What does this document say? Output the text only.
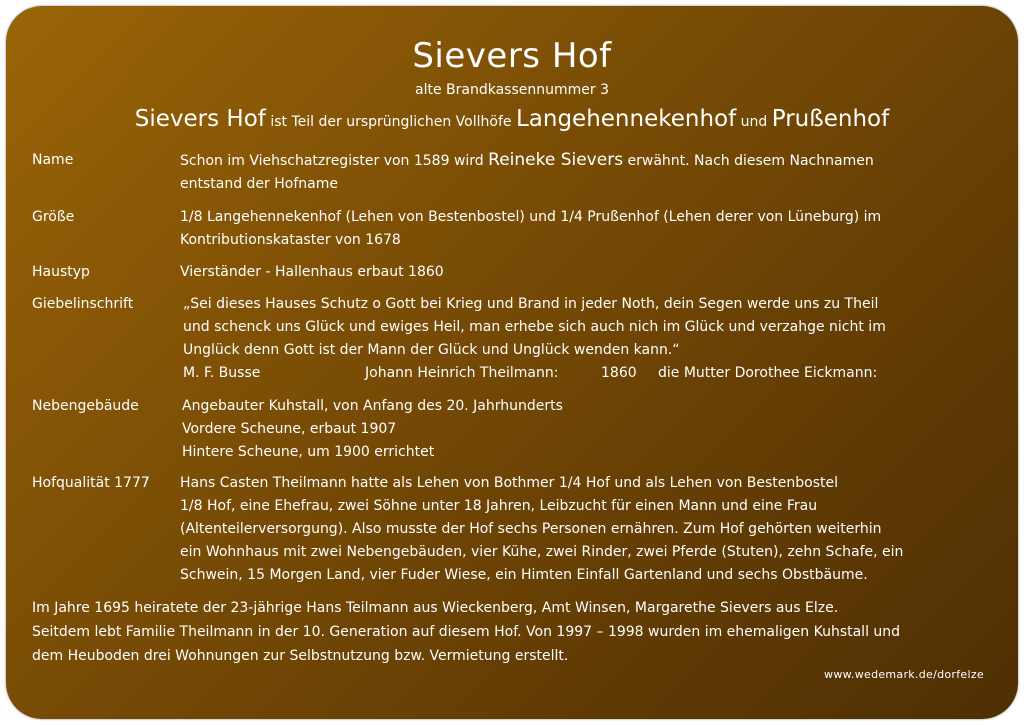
Sievers Hof
alte Brandkassennummer 3
Sievers Hof ist Teil der ursprünglichen Vollhöfe Langehennekenhof und Prußenhof
Name	Schon im Viehschatzregister von 1589 wird Reineke Sievers erwähnt. Nach diesem Nachnamen
entstand der Hofname
Größe	1/8 Langehennekenhof (Lehen von Bestenbostel) und 1/4 Prußenhof (Lehen derer von Lüneburg) im
Kontributionskataster von 1678
Haustyp	Vierständer - Hallenhaus erbaut 1860
Giebelinschrift	„Sei dieses Hauses Schutz o Gott bei Krieg und Brand in jeder Noth, dein Segen werde uns zu Theil
und schenck uns Glück und ewiges Heil, man erhebe sich auch nich im Glück und verzahge nicht im
Unglück denn Gott ist der Mann der Glück und Unglück wenden kann.“
M. F. Busse	Johann Heinrich Theilmann:	1860 die Mutter Dorothee Eickmann:
Nebengebäude	Angebauter Kuhstall, von Anfang des 20. Jahrhunderts
Vordere Scheune, erbaut 1907
Hintere Scheune, um 1900 errichtet
Hofqualität 1777 Hans Casten Theilmann hatte als Lehen von Bothmer 1/4 Hof und als Lehen von Bestenbostel
1/8 Hof, eine Ehefrau, zwei Söhne unter 18 Jahren, Leibzucht für einen Mann und eine Frau
(Altenteilerversorgung). Also musste der Hof sechs Personen ernähren. Zum Hof gehörten weiterhin
ein Wohnhaus mit zwei Nebengebäuden, vier Kühe, zwei Rinder, zwei Pferde (Stuten), zehn Schafe, ein
Schwein, 15 Morgen Land, vier Fuder Wiese, ein Himten Einfall Gartenland und sechs Obstbäume.
Im Jahre 1695 heiratete der 23-jährige Hans Teilmann aus Wieckenberg, Amt Winsen, Margarethe Sievers aus Elze.
Seitdem lebt Familie Theilmann in der 10. Generation auf diesem Hof. Von 1997 – 1998 wurden im ehemaligen Kuhstall und
dem Heuboden drei Wohnungen zur Selbstnutzung bzw. Vermietung erstellt.
www.wedemark.de/dorfelze
